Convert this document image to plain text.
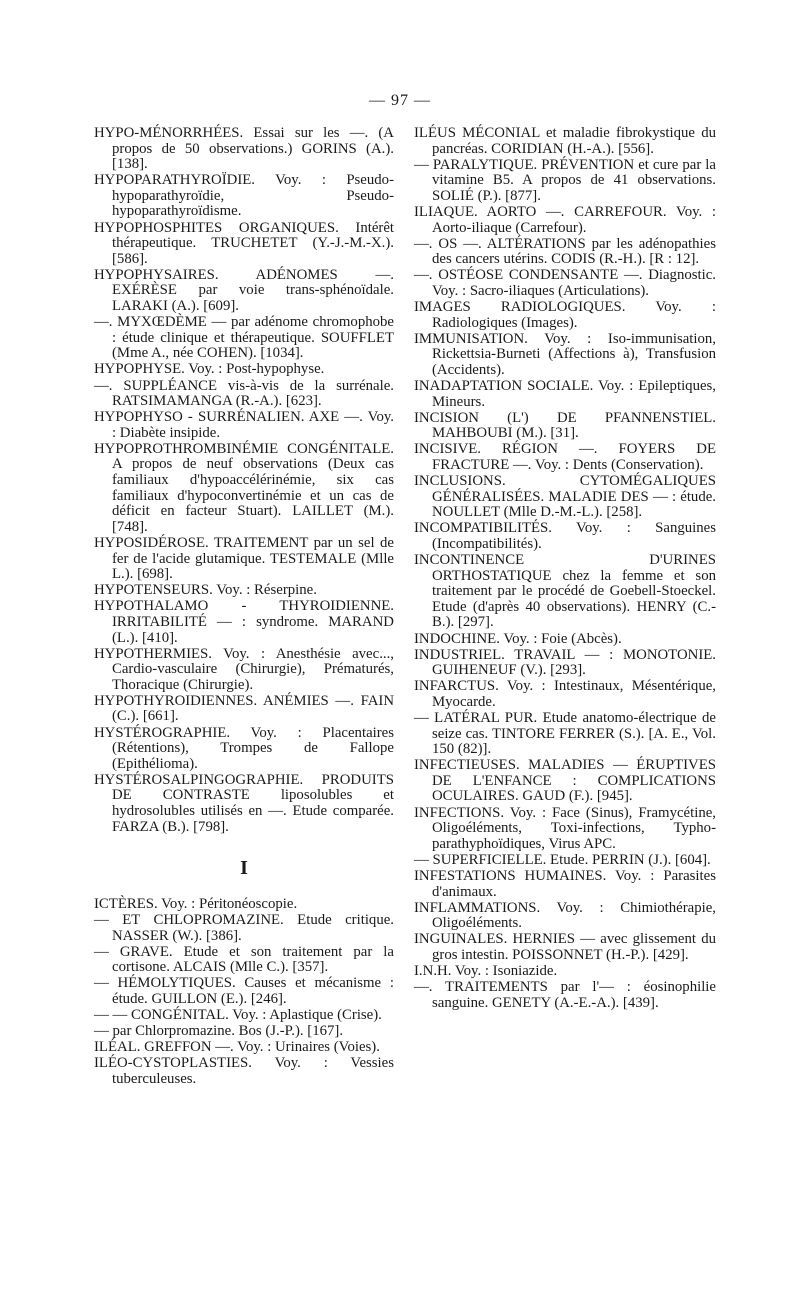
— 97 —

HYPO-MÉNORRHÉES. Essai sur les —. (A propos de 50 observations.) GORINS (A.). [138].

HYPOPARATHYROÏDIE. Voy. : Pseudo-hypoparathyroïdie, Pseudo-hypoparathyroïdisme.

HYPOPHOSPHITES ORGANIQUES. Intérêt thérapeutique. TRUCHETET (Y.-J.-M.-X.). [586].

HYPOPHYSAIRES. ADÉNOMES —. EXÉRÈSE par voie trans-sphénoïdale. LARAKI (A.). [609].

—. MYXŒDÈME — par adénome chromophobe : étude clinique et thérapeutique. SOUFFLET (Mme A., née COHEN). [1034].

HYPOPHYSE. Voy. : Post-hypophyse.

—. SUPPLÉANCE vis-à-vis de la surrénale. RATSIMAMANGA (R.-A.). [623].

HYPOPHYSO - SURRÉNALIEN. AXE —. Voy. : Diabète insipide.

HYPOPROTHROMBINÉMIE CONGÉNITALE. A propos de neuf observations (Deux cas familiaux d'hypoaccélérinémie, six cas familiaux d'hypoconvertinémie et un cas de déficit en facteur Stuart). LAILLET (M.). [748].

HYPOSIDÉROSE. TRAITEMENT par un sel de fer de l'acide glutamique. TESTEMALE (Mlle L.). [698].

HYPOTENSEURS. Voy. : Réserpine.

HYPOTHALAMO - THYROIDIENNE. IRRITABILITÉ — : syndrome. MARAND (L.). [410].

HYPOTHERMIES. Voy. : Anesthésie avec..., Cardio-vasculaire (Chirurgie), Prématurés, Thoracique (Chirurgie).

HYPOTHYROIDIENNES. ANÉMIES —. FAIN (C.). [661].

HYSTÉROGRAPHIE. Voy. : Placentaires (Rétentions), Trompes de Fallope (Epithélioma).

HYSTÉROSALPINGOGRAPHIE. PRODUITS DE CONTRASTE liposolubles et hydrosolubles utilisés en —. Etude comparée. FARZA (B.). [798].

I

ICTÈRES. Voy. : Péritonéoscopie.

— ET CHLOPROMAZINE. Etude critique. NASSER (W.). [386].

— GRAVE. Etude et son traitement par la cortisone. ALCAIS (Mlle C.). [357].

— HÉMOLYTIQUES. Causes et mécanisme : étude. GUILLON (E.). [246].

— — CONGÉNITAL. Voy. : Aplastique (Crise).

— par Chlorpromazine. Bos (J.-P.). [167].

ILÉAL. GREFFON —. Voy. : Urinaires (Voies).

ILÉO-CYSTOPLASTIES. Voy. : Vessies tuberculeuses.

ILÉUS MÉCONIAL et maladie fibrokystique du pancréas. CORIDIAN (H.-A.). [556].

— PARALYTIQUE. PRÉVENTION et cure par la vitamine B5. A propos de 41 observations. SOLIÉ (P.). [877].

ILIAQUE. AORTO —. CARREFOUR. Voy. : Aorto-iliaque (Carrefour).

—. OS —. ALTÉRATIONS par les adénopathies des cancers utérins. CODIS (R.-H.). [R : 12].

—. OSTÉOSE CONDENSANTE —. Diagnostic. Voy. : Sacro-iliaques (Articulations).

IMAGES RADIOLOGIQUES. Voy. : Radiologiques (Images).

IMMUNISATION. Voy. : Iso-immunisation, Rickettsia-Burneti (Affections à), Transfusion (Accidents).

INADAPTATION SOCIALE. Voy. : Epileptiques, Mineurs.

INCISION (L') DE PFANNENSTIEL. MAHBOUBI (M.). [31].

INCISIVE. RÉGION —. FOYERS DE FRACTURE —. Voy. : Dents (Conservation).

INCLUSIONS. CYTOMÉGALIQUES GÉNÉRALISÉES. MALADIE DES — : étude. NOULLET (Mlle D.-M.-L.). [258].

INCOMPATIBILITÉS. Voy. : Sanguines (Incompatibilités).

INCONTINENCE D'URINES ORTHOSTATIQUE chez la femme et son traitement par le procédé de Goebell-Stoeckel. Etude (d'après 40 observations). HENRY (C.-B.). [297].

INDOCHINE. Voy. : Foie (Abcès).

INDUSTRIEL. TRAVAIL — : MONOTONIE. GUIHENEUF (V.). [293].

INFARCTUS. Voy. : Intestinaux, Mésentérique, Myocarde.

— LATÉRAL PUR. Etude anatomo-électrique de seize cas. TINTORE FERRER (S.). [A. E., Vol. 150 (82)].

INFECTIEUSES. MALADIES — ÉRUPTIVES DE L'ENFANCE : COMPLICATIONS OCULAIRES. GAUD (F.). [945].

INFECTIONS. Voy. : Face (Sinus), Framycétine, Oligoéléments, Toxi-infections, Typho-parathyphoïdiques, Virus APC.

— SUPERFICIELLE. Etude. PERRIN (J.). [604].

INFESTATIONS HUMAINES. Voy. : Parasites d'animaux.

INFLAMMATIONS. Voy. : Chimiothérapie, Oligoéléments.

INGUINALES. HERNIES — avec glissement du gros intestin. POISSONNET (H.-P.). [429].

I.N.H. Voy. : Isoniazide.

—. TRAITEMENTS par l'— : éosinophilie sanguine. GENETY (A.-E.-A.). [439].
